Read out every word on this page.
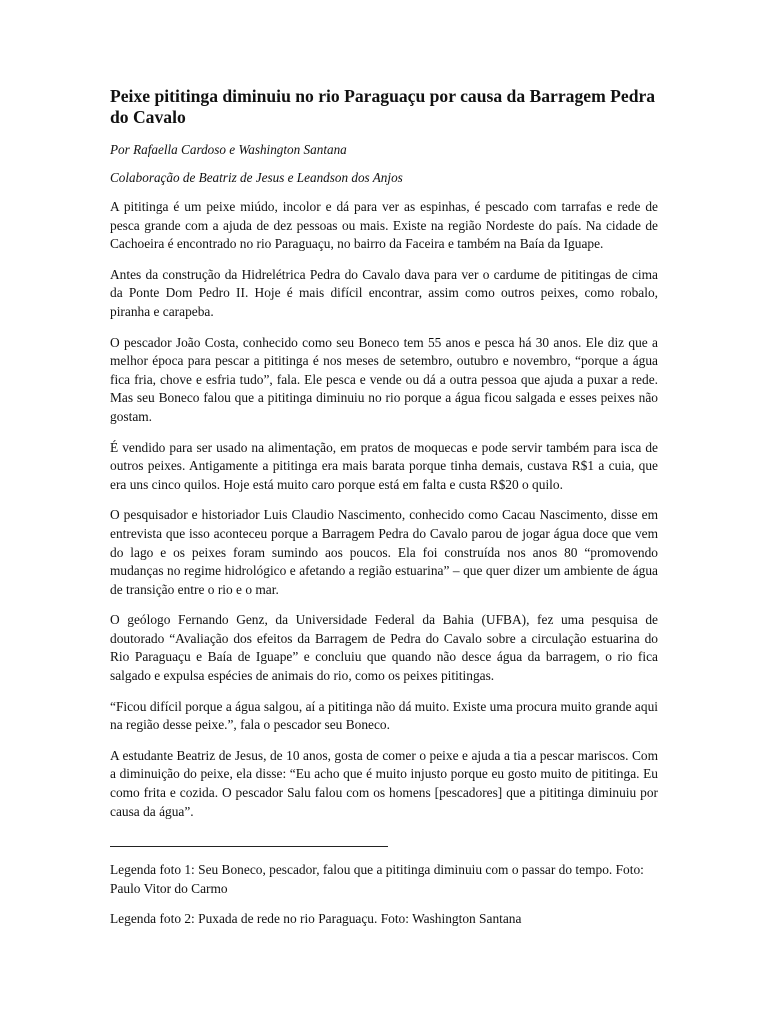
Peixe pititinga diminuiu no rio Paraguaçu por causa da Barragem Pedra do Cavalo

Por Rafaella Cardoso e Washington Santana

Colaboração de Beatriz de Jesus e Leandson dos Anjos

A pititinga é um peixe miúdo, incolor e dá para ver as espinhas, é pescado com tarrafas e rede de pesca grande com a ajuda de dez pessoas ou mais. Existe na região Nordeste do país. Na cidade de Cachoeira é encontrado no rio Paraguaçu, no bairro da Faceira e também na Baía da Iguape.

Antes da construção da Hidrelétrica Pedra do Cavalo dava para ver o cardume de pititingas de cima da Ponte Dom Pedro II. Hoje é mais difícil encontrar, assim como outros peixes, como robalo, piranha e carapeba.

O pescador João Costa, conhecido como seu Boneco tem 55 anos e pesca há 30 anos. Ele diz que a melhor época para pescar a pititinga é nos meses de setembro, outubro e novembro, “porque a água fica fria, chove e esfria tudo”, fala. Ele pesca e vende ou dá a outra pessoa que ajuda a puxar a rede. Mas seu Boneco falou que a pititinga diminuiu no rio porque a água ficou salgada e esses peixes não gostam.

É vendido para ser usado na alimentação, em pratos de moquecas e pode servir também para isca de outros peixes. Antigamente a pititinga era mais barata porque tinha demais, custava R$1 a cuia, que era uns cinco quilos. Hoje está muito caro porque está em falta e custa R$20 o quilo.

O pesquisador e historiador Luis Claudio Nascimento, conhecido como Cacau Nascimento, disse em entrevista que isso aconteceu porque a Barragem Pedra do Cavalo parou de jogar água doce que vem do lago e os peixes foram sumindo aos poucos. Ela foi construída nos anos 80 “promovendo mudanças no regime hidrológico e afetando a região estuarina” – que quer dizer um ambiente de água de transição entre o rio e o mar.

O geólogo Fernando Genz, da Universidade Federal da Bahia (UFBA), fez uma pesquisa de doutorado “Avaliação dos efeitos da Barragem de Pedra do Cavalo sobre a circulação estuarina do Rio Paraguaçu e Baía de Iguape” e concluiu que quando não desce água da barragem, o rio fica salgado e expulsa espécies de animais do rio, como os peixes pititingas.

“Ficou difícil porque a água salgou, aí a pititinga não dá muito. Existe uma procura muito grande aqui na região desse peixe.”, fala o pescador seu Boneco.

A estudante Beatriz de Jesus, de 10 anos, gosta de comer o peixe e ajuda a tia a pescar mariscos. Com a diminuição do peixe, ela disse: “Eu acho que é muito injusto porque eu gosto muito de pititinga. Eu como frita e cozida. O pescador Salu falou com os homens [pescadores] que a pititinga diminuiu por causa da água”.

Legenda foto 1: Seu Boneco, pescador, falou que a pititinga diminuiu com o passar do tempo. Foto: Paulo Vitor do Carmo

Legenda foto 2: Puxada de rede no rio Paraguaçu. Foto: Washington Santana
